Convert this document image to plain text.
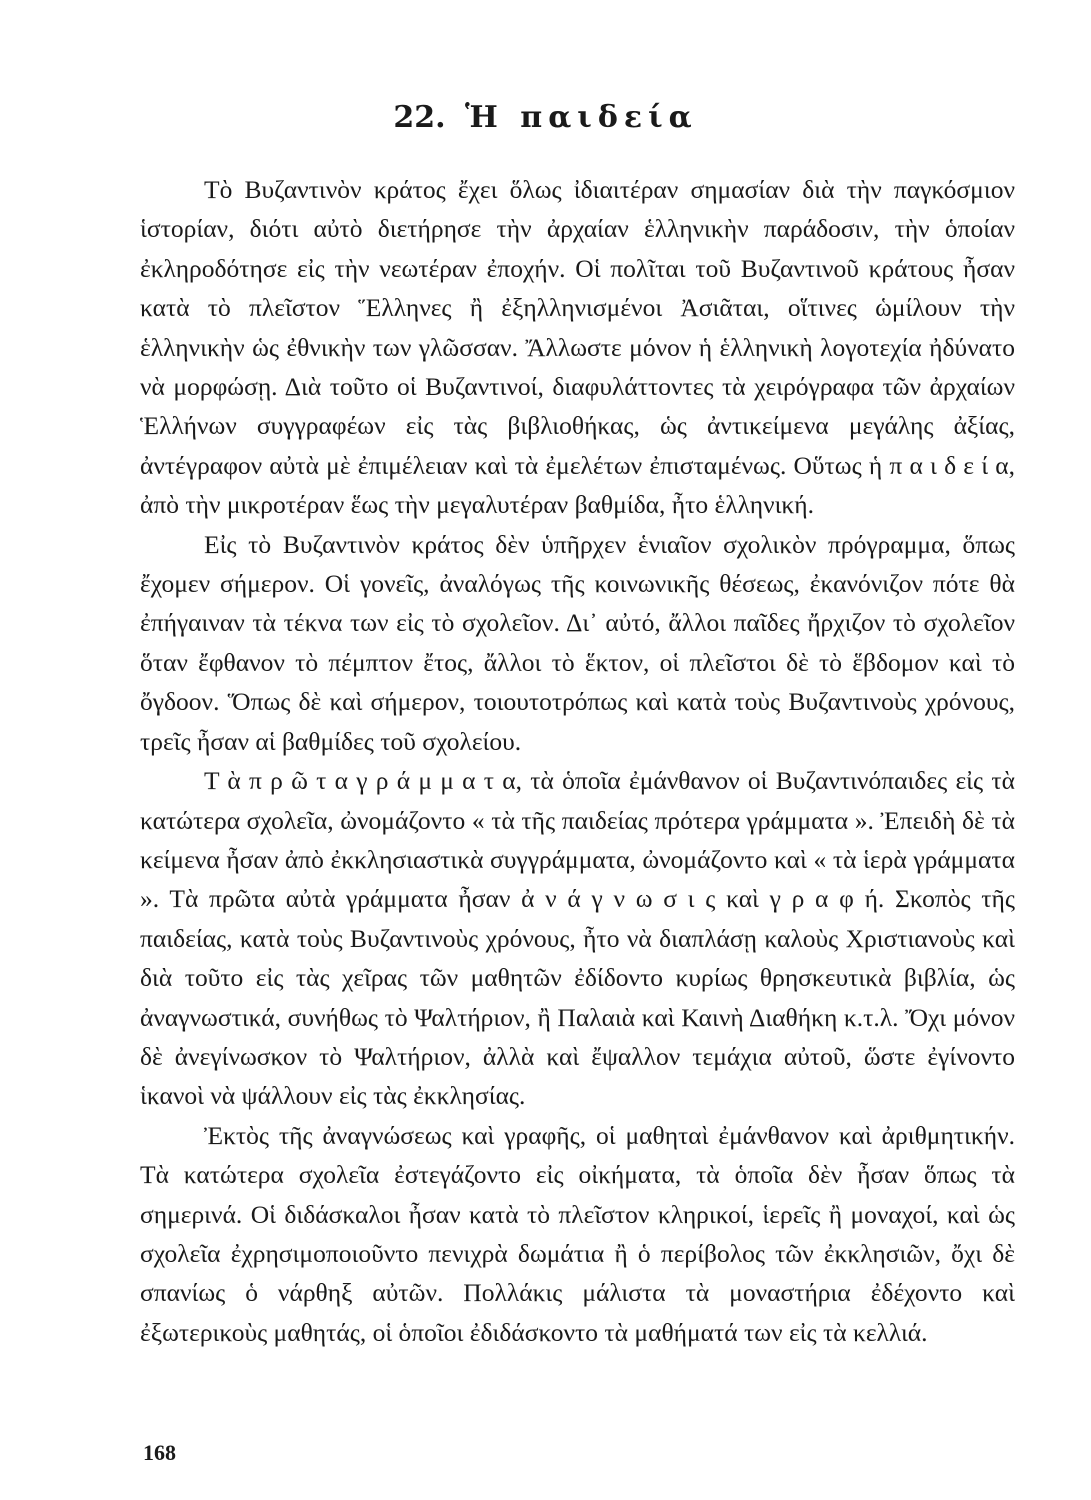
22. Ἡ παιδεία

Τὸ Βυζαντινὸν κράτος ἔχει ὅλως ἰδιαιτέραν σημασίαν διὰ τὴν παγκόσμιον ἱστορίαν, διότι αὐτὸ διετήρησε τὴν ἀρχαίαν ἑλληνικὴν παράδοσιν, τὴν ὁποίαν ἐκληροδότησε εἰς τὴν νεωτέραν ἐποχήν. Οἱ πολῖται τοῦ Βυζαντινοῦ κράτους ἦσαν κατὰ τὸ πλεῖστον Ἕλληνες ἢ ἐξηλληνισμένοι Ἀσιᾶται, οἵτινες ὡμίλουν τὴν ἑλληνικὴν ὡς ἐθνικὴν των γλῶσσαν. Ἄλλωστε μόνον ἡ ἑλληνικὴ λογοτεχία ἠδύνατο νὰ μορφώσῃ. Διὰ τοῦτο οἱ Βυζαντινοί, διαφυλάττοντες τὰ χειρόγραφα τῶν ἀρχαίων Ἑλλήνων συγγραφέων εἰς τὰς βιβλιοθήκας, ὡς ἀντικείμενα μεγάλης ἀξίας, ἀντέγραφον αὐτὰ μὲ ἐπιμέλειαν καὶ τὰ ἐμελέτων ἐπισταμένως. Οὕτως ἡ π α ι δ ε ί α, ἀπὸ τὴν μικροτέραν ἕως τὴν μεγαλυτέραν βαθμίδα, ἦτο ἑλληνική.

Εἰς τὸ Βυζαντινὸν κράτος δὲν ὑπῆρχεν ἑνιαῖον σχολικὸν πρόγραμμα, ὅπως ἔχομεν σήμερον. Οἱ γονεῖς, ἀναλόγως τῆς κοινωνικῆς θέσεως, ἐκανόνιζον πότε θὰ ἐπήγαιναν τὰ τέκνα των εἰς τὸ σχολεῖον. Δι᾽ αὐτό, ἄλλοι παῖδες ἤρχιζον τὸ σχολεῖον ὅταν ἔφθανον τὸ πέμπτον ἔτος, ἄλλοι τὸ ἕκτον, οἱ πλεῖστοι δὲ τὸ ἕβδομον καὶ τὸ ὄγδοον. Ὅπως δὲ καὶ σήμερον, τοιουτοτρόπως καὶ κατὰ τοὺς Βυζαντινοὺς χρόνους, τρεῖς ἦσαν αἱ βαθμίδες τοῦ σχολείου.

Τ ὰ π ρ ῶ τ α γ ρ ά μ μ α τ α, τὰ ὁποῖα ἐμάνθανον οἱ Βυζαντινόπαιδες εἰς τὰ κατώτερα σχολεῖα, ὠνομάζοντο « τὰ τῆς παιδείας πρότερα γράμματα ». Ἐπειδὴ δὲ τὰ κείμενα ἦσαν ἀπὸ ἐκκλησιαστικὰ συγγράμματα, ὠνομάζοντο καὶ « τὰ ἱερὰ γράμματα ». Τὰ πρῶτα αὐτὰ γράμματα ἦσαν ἀ ν ά γ ν ω σ ι ς καὶ γ ρ α φ ή. Σκοπὸς τῆς παιδείας, κατὰ τοὺς Βυζαντινοὺς χρόνους, ἦτο νὰ διαπλάσῃ καλοὺς Χριστιανοὺς καὶ διὰ τοῦτο εἰς τὰς χεῖρας τῶν μαθητῶν ἐδίδοντο κυρίως θρησκευτικὰ βιβλία, ὡς ἀναγνωστικά, συνήθως τὸ Ψαλτήριον, ἢ Παλαιὰ καὶ Καινὴ Διαθήκη κ.τ.λ. Ὄχι μόνον δὲ ἀνεγίνωσκον τὸ Ψαλτήριον, ἀλλὰ καὶ ἔψαλλον τεμάχια αὐτοῦ, ὥστε ἐγίνοντο ἱκανοὶ νὰ ψάλλουν εἰς τὰς ἐκκλησίας.

Ἐκτὸς τῆς ἀναγνώσεως καὶ γραφῆς, οἱ μαθηταὶ ἐμάνθανον καὶ ἀριθμητικήν. Τὰ κατώτερα σχολεῖα ἐστεγάζοντο εἰς οἰκήματα, τὰ ὁποῖα δὲν ἦσαν ὅπως τὰ σημερινά. Οἱ διδάσκαλοι ἦσαν κατὰ τὸ πλεῖστον κληρικοί, ἱερεῖς ἢ μοναχοί, καὶ ὡς σχολεῖα ἐχρησιμοποιοῦντο πενιχρὰ δωμάτια ἢ ὁ περίβολος τῶν ἐκκλησιῶν, ὄχι δὲ σπανίως ὁ νάρθηξ αὐτῶν. Πολλάκις μάλιστα τὰ μοναστήρια ἐδέχοντο καὶ ἐξωτερικοὺς μαθητάς, οἱ ὁποῖοι ἐδιδάσκοντο τὰ μαθήματά των εἰς τὰ κελλιά.

168
